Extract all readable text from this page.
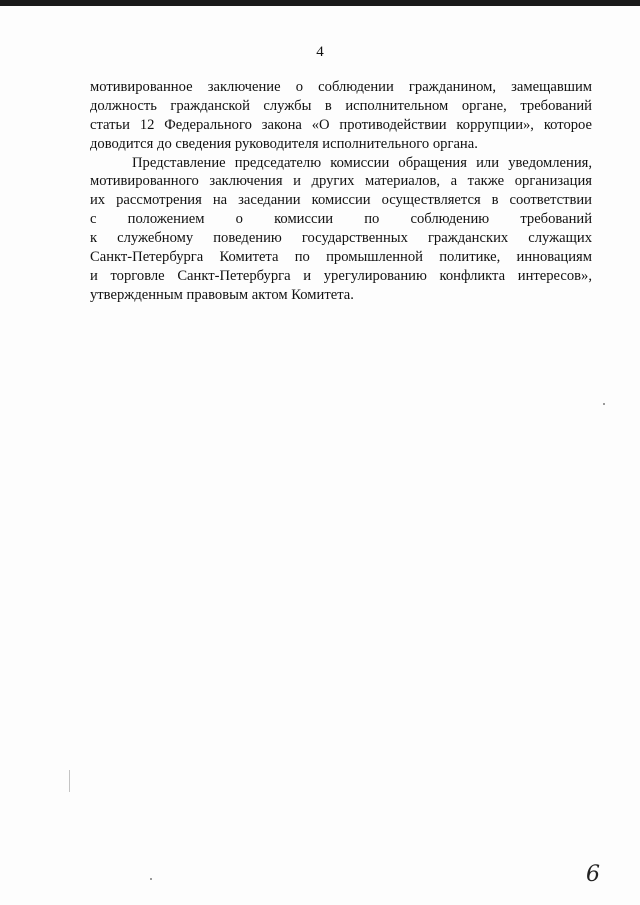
4
мотивированное заключение о соблюдении гражданином, замещавшим
должность гражданской службы в исполнительном органе, требований
статьи 12 Федерального закона «О противодействии коррупции», которое
доводится до сведения руководителя исполнительного органа.
Представление председателю комиссии обращения или уведомления,
мотивированного заключения и других материалов, а также организация
их рассмотрения на заседании комиссии осуществляется в соответствии
с положением о комиссии по соблюдению требований
к служебному поведению государственных гражданских служащих
Санкт-Петербурга Комитета по промышленной политике, инновациям
и торговле Санкт-Петербурга и урегулированию конфликта интересов»,
утвержденным правовым актом Комитета.
6
